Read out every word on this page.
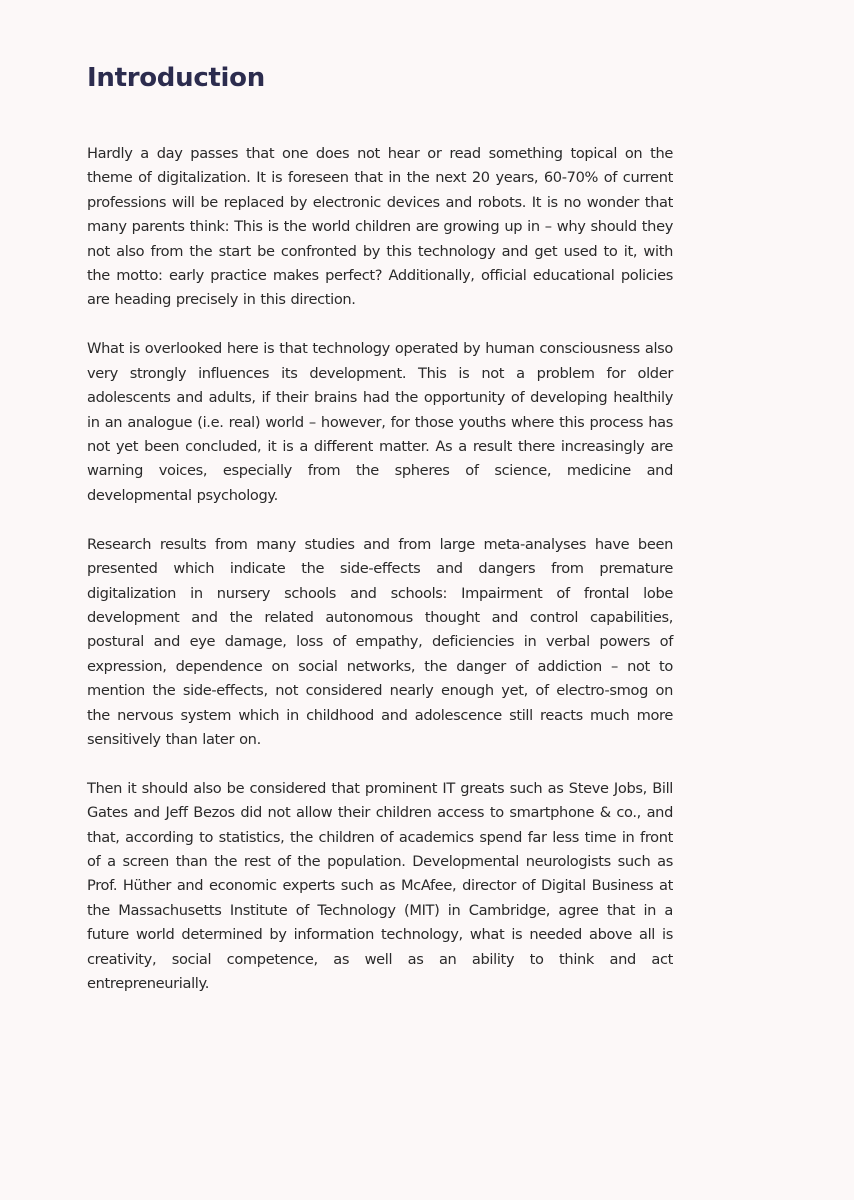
Introduction

Hardly a day passes that one does not hear or read something topical on the theme of digitalization. It is foreseen that in the next 20 years, 60-70% of current professions will be replaced by electronic devices and robots. It is no wonder that many parents think: This is the world children are growing up in – why should they not also from the start be confronted by this technology and get used to it, with the motto: early practice makes perfect? Additionally, official educational policies are heading precisely in this direction.

What is overlooked here is that technology operated by human consciousness also very strongly influences its development. This is not a problem for older adolescents and adults, if their brains had the opportunity of developing healthily in an analogue (i.e. real) world – however, for those youths where this process has not yet been concluded, it is a different matter. As a result there increasingly are warning voices, especially from the spheres of science, medicine and developmental psychology.

Research results from many studies and from large meta-analyses have been presented which indicate the side-effects and dangers from premature digitalization in nursery schools and schools: Impairment of frontal lobe development and the related autonomous thought and control capabilities, postural and eye damage, loss of empathy, deficiencies in verbal powers of expression, dependence on social networks, the danger of addiction – not to mention the side-effects, not considered nearly enough yet, of electro-smog on the nervous system which in childhood and adolescence still reacts much more sensitively than later on.

Then it should also be considered that prominent IT greats such as Steve Jobs, Bill Gates and Jeff Bezos did not allow their children access to smartphone & co., and that, according to statistics, the children of academics spend far less time in front of a screen than the rest of the population. Developmental neurologists such as Prof. Hüther and economic experts such as McAfee, director of Digital Business at the Massachusetts Institute of Technology (MIT) in Cambridge, agree that in a future world determined by information technology, what is needed above all is creativity, social competence, as well as an ability to think and act entrepreneurially.
